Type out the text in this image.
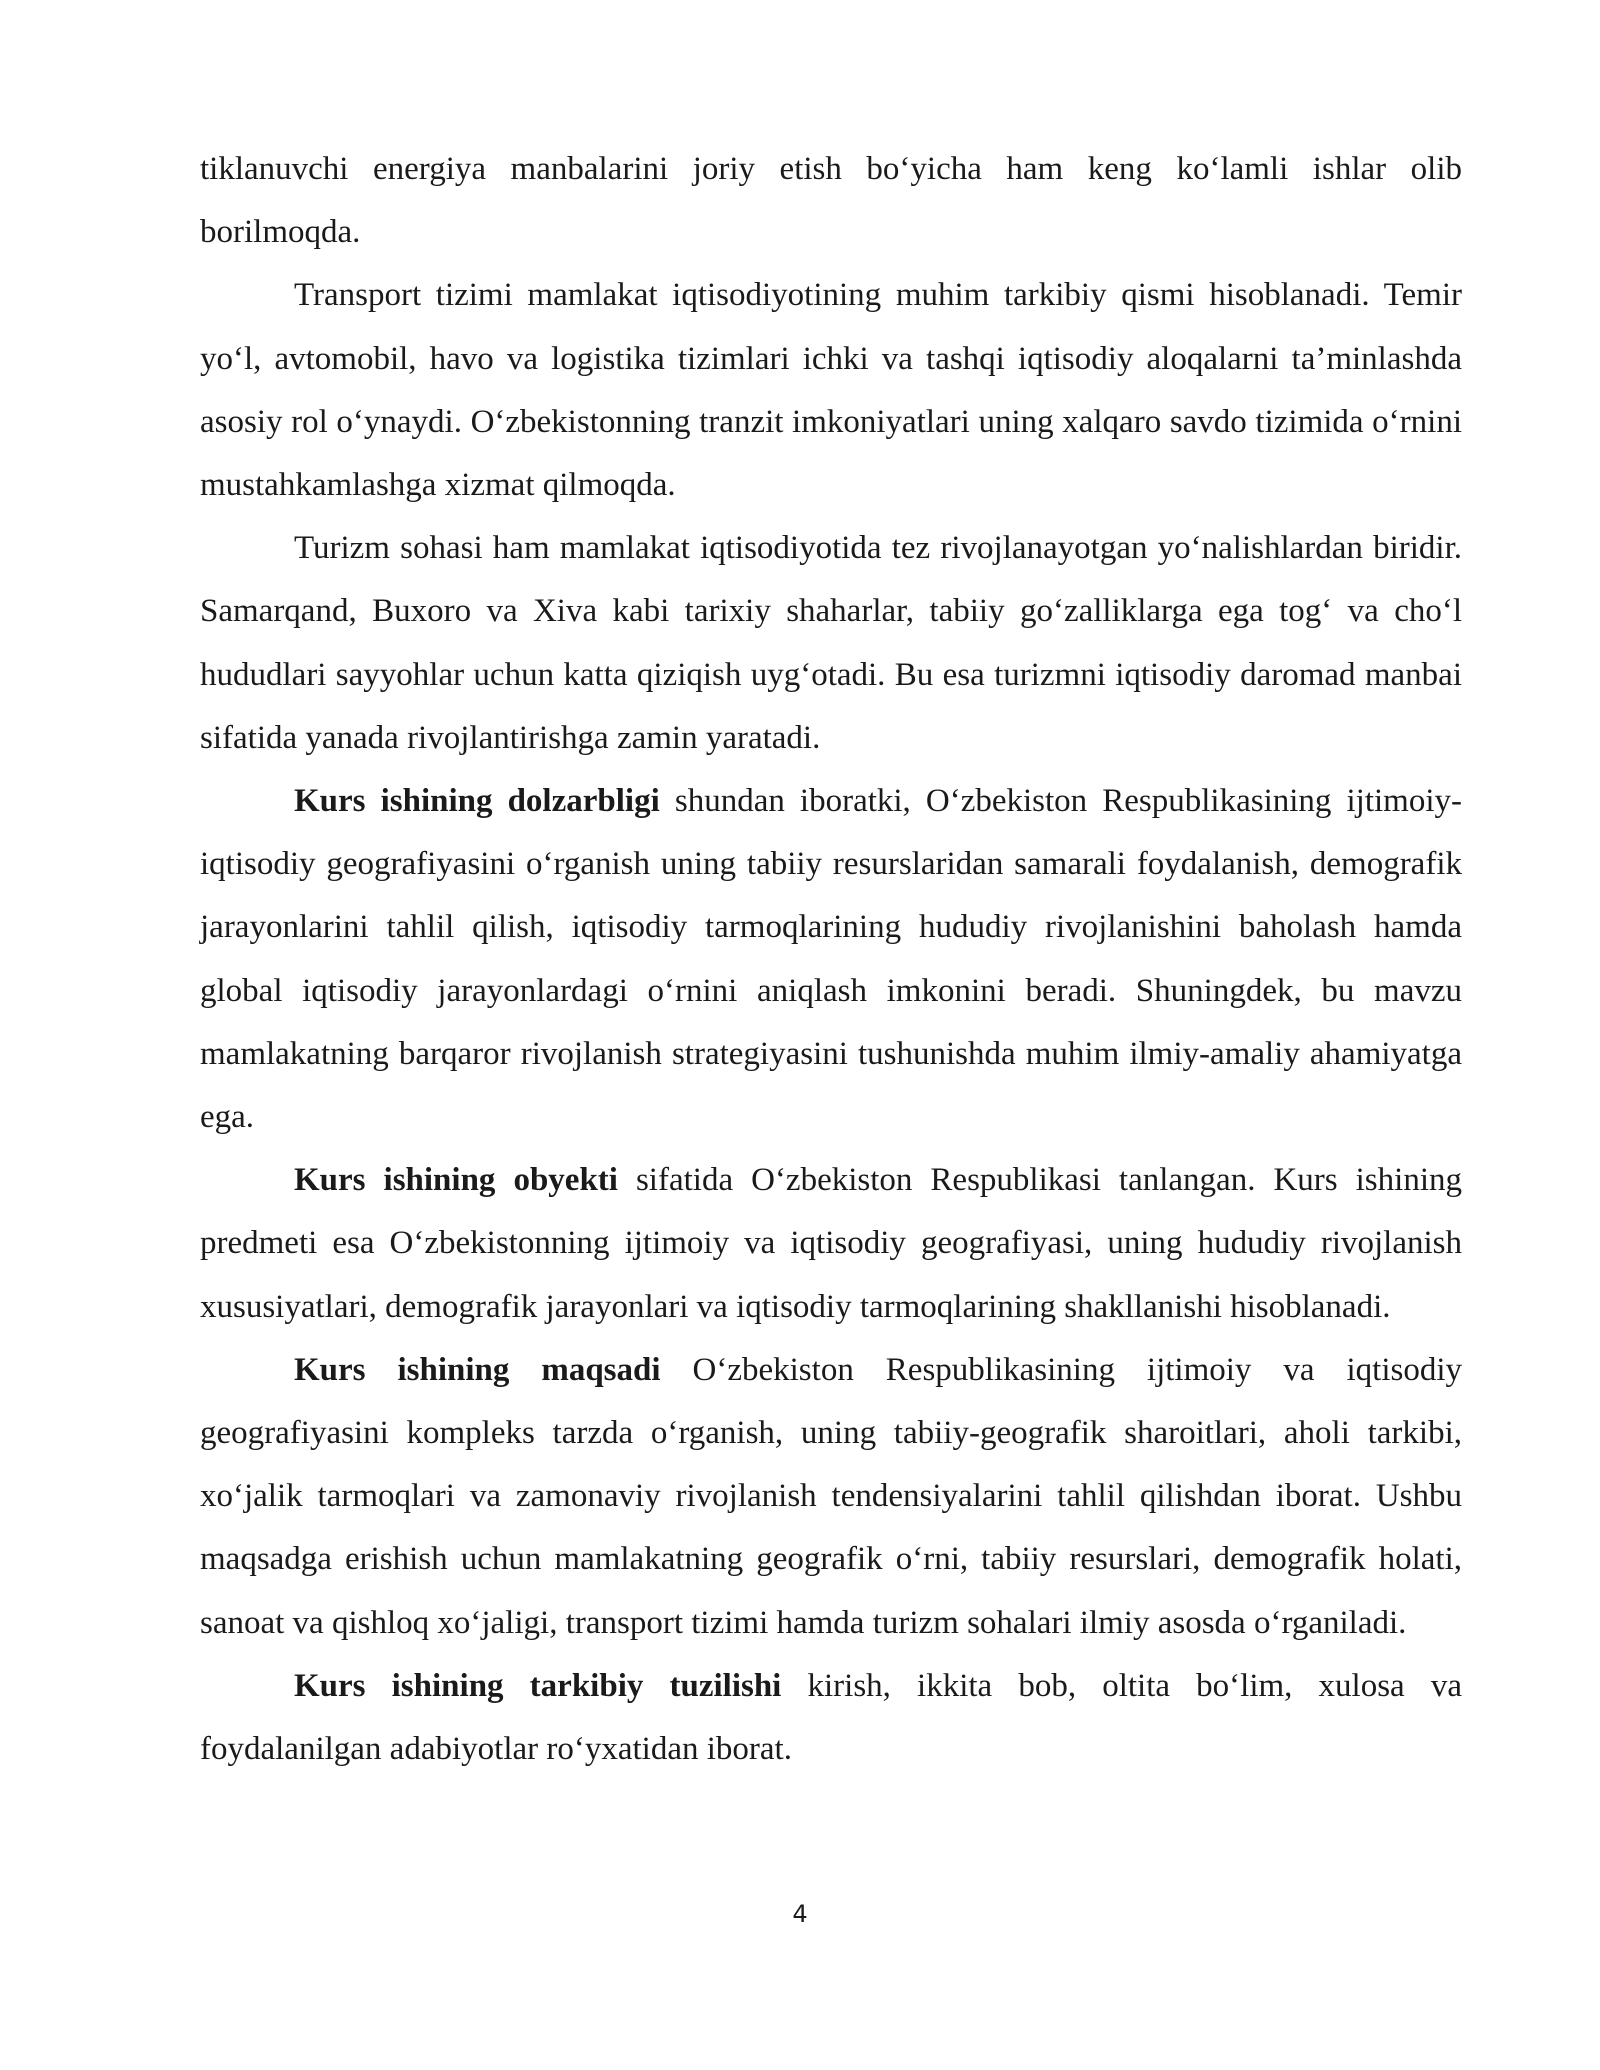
tiklanuvchi energiya manbalarini joriy etish bo‘yicha ham keng ko‘lamli ishlar olib borilmoqda.

Transport tizimi mamlakat iqtisodiyotining muhim tarkibiy qismi hisoblanadi. Temir yo‘l, avtomobil, havo va logistika tizimlari ichki va tashqi iqtisodiy aloqalarni ta’minlashda asosiy rol o‘ynaydi. O‘zbekistonning tranzit imkoniyatlari uning xalqaro savdo tizimida o‘rnini mustahkamlashga xizmat qilmoqda.

Turizm sohasi ham mamlakat iqtisodiyotida tez rivojlanayotgan yo‘nalishlardan biridir. Samarqand, Buxoro va Xiva kabi tarixiy shaharlar, tabiiy go‘zalliklarga ega tog‘ va cho‘l hududlari sayyohlar uchun katta qiziqish uyg‘otadi. Bu esa turizmni iqtisodiy daromad manbai sifatida yanada rivojlantirishga zamin yaratadi.

Kurs ishining dolzarbligi shundan iboratki, O‘zbekiston Respublikasining ijtimoiy-iqtisodiy geografiyasini o‘rganish uning tabiiy resurslaridan samarali foydalanish, demografik jarayonlarini tahlil qilish, iqtisodiy tarmoqlarining hududiy rivojlanishini baholash hamda global iqtisodiy jarayonlardagi o‘rnini aniqlash imkonini beradi. Shuningdek, bu mavzu mamlakatning barqaror rivojlanish strategiyasini tushunishda muhim ilmiy-amaliy ahamiyatga ega.

Kurs ishining obyekti sifatida O‘zbekiston Respublikasi tanlangan. Kurs ishining predmeti esa O‘zbekistonning ijtimoiy va iqtisodiy geografiyasi, uning hududiy rivojlanish xususiyatlari, demografik jarayonlari va iqtisodiy tarmoqlarining shakllanishi hisoblanadi.

Kurs ishining maqsadi O‘zbekiston Respublikasining ijtimoiy va iqtisodiy geografiyasini kompleks tarzda o‘rganish, uning tabiiy-geografik sharoitlari, aholi tarkibi, xo‘jalik tarmoqlari va zamonaviy rivojlanish tendensiyalarini tahlil qilishdan iborat. Ushbu maqsadga erishish uchun mamlakatning geografik o‘rni, tabiiy resurslari, demografik holati, sanoat va qishloq xo‘jaligi, transport tizimi hamda turizm sohalari ilmiy asosda o‘rganiladi.

Kurs ishining tarkibiy tuzilishi kirish, ikkita bob, oltita bo‘lim, xulosa va foydalanilgan adabiyotlar ro‘yxatidan iborat.

4
